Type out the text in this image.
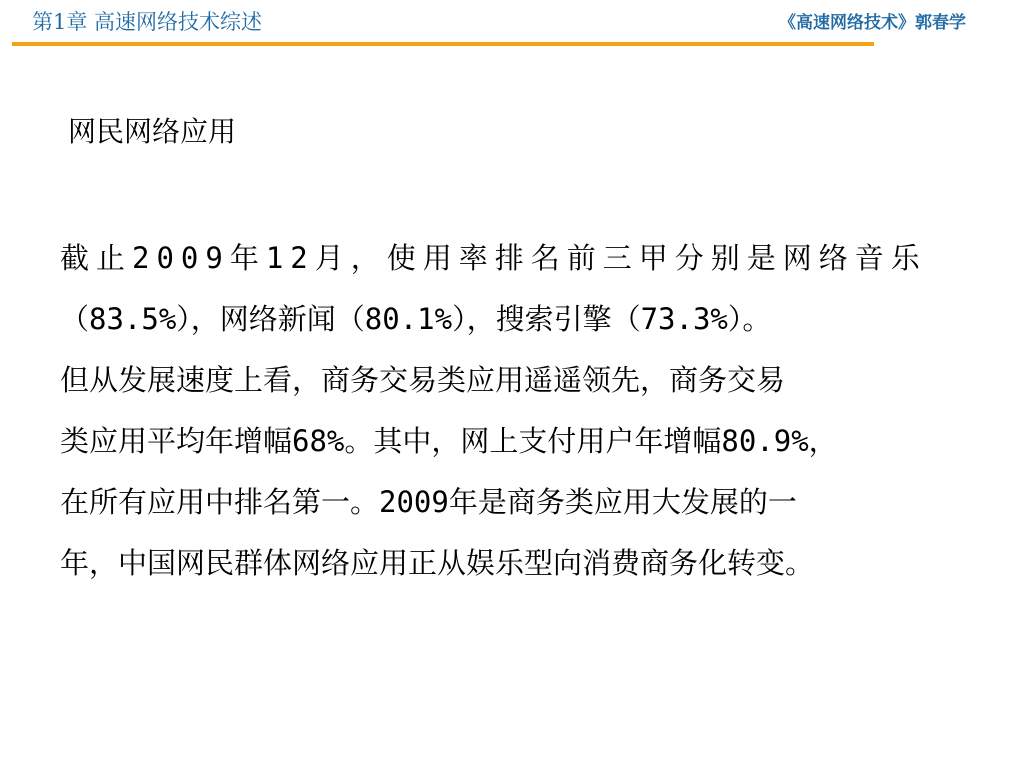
第1章 高速网络技术综述	《高速网络技术》郭春学
网民网络应用
截止2009年12月，使用率排名前三甲分别是网络音乐
（83.5%），网络新闻（80.1%），搜索引擎（73.3%）。
但从发展速度上看，商务交易类应用遥遥领先，商务交易
类应用平均年增幅68%。其中，网上支付用户年增幅80.9%，
在所有应用中排名第一。2009年是商务类应用大发展的一
年，中国网民群体网络应用正从娱乐型向消费商务化转变。
